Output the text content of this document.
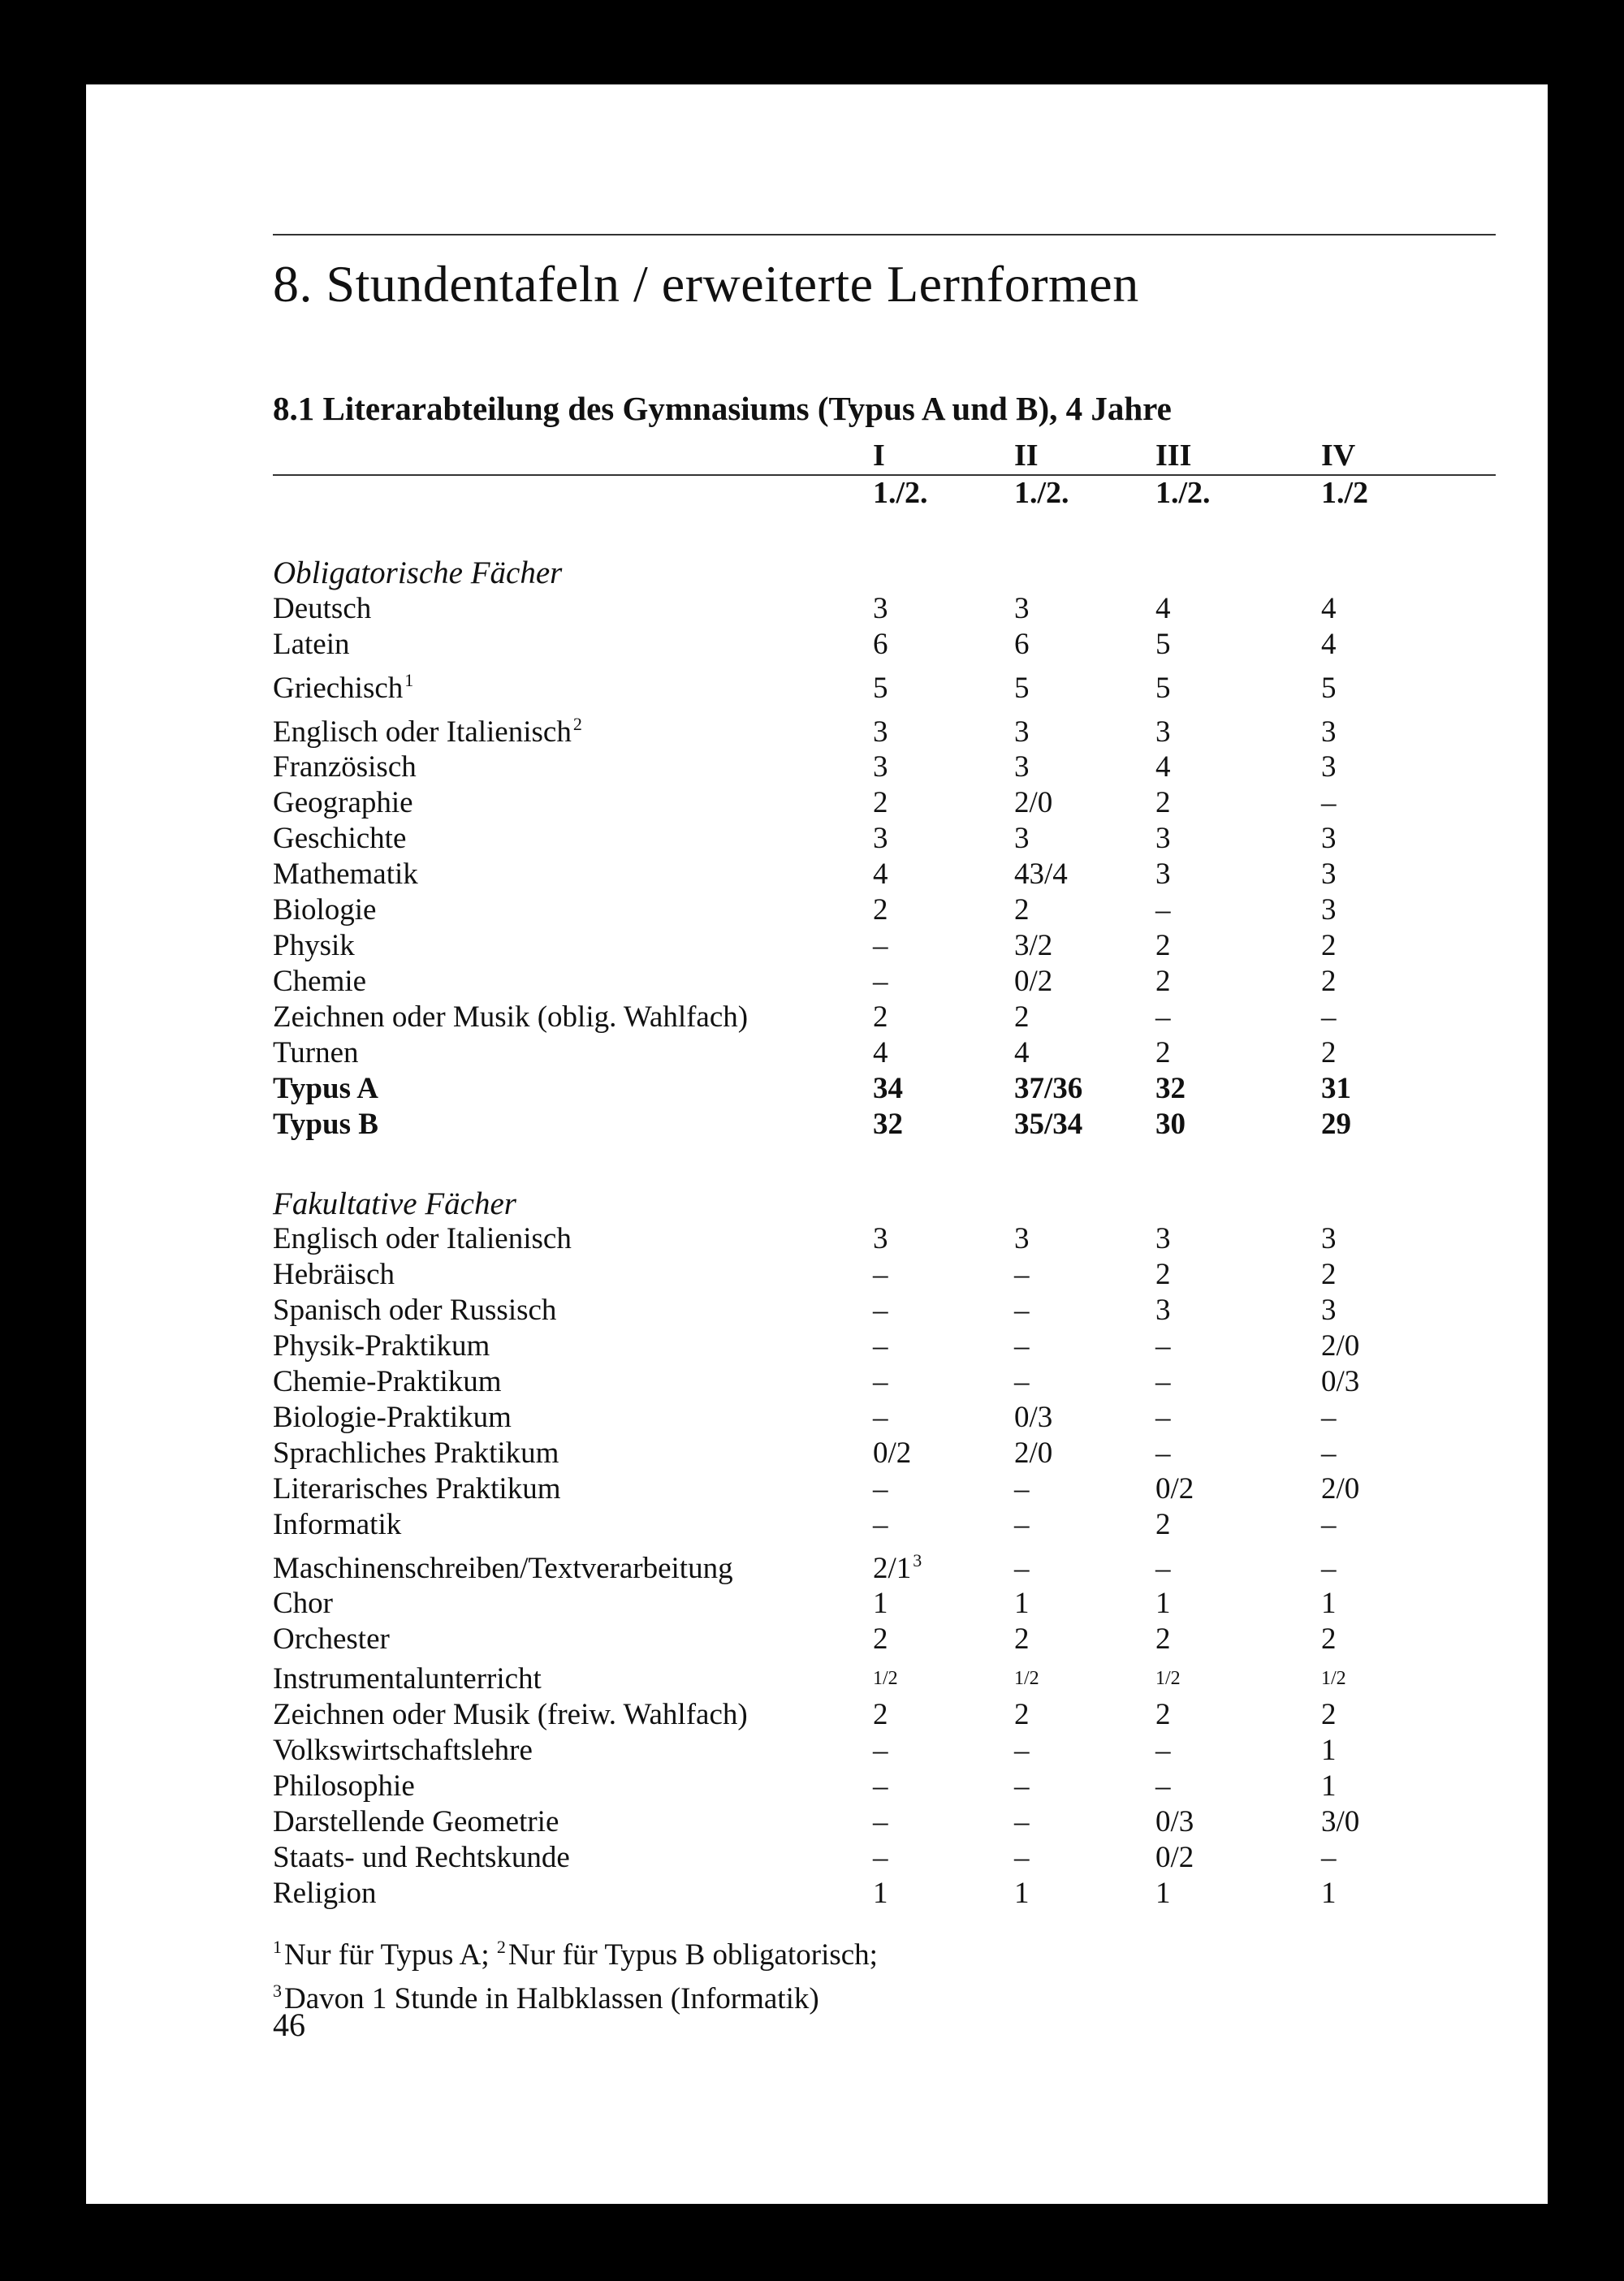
8. Stundentafeln / erweiterte Lernformen
8.1 Literarabteilung des Gymnasiums (Typus A und B), 4 Jahre
	I	II	III	IV
	1./2.	1./2.	1./2.	1./2

Obligatorische Fächer				
Deutsch	3	3	4	4
Latein	6	6	5	4
Griechisch$^1$	5	5	5	5
Englisch oder Italienisch$^2$	3	3	3	3
Französisch	3	3	4	3
Geographie	2	2/0	2	–
Geschichte	3	3	3	3
Mathematik	4	43/4	3	3
Biologie	2	2	–	3
Physik	–	3/2	2	2
Chemie	–	0/2	2	2
Zeichnen oder Musik (oblig. Wahlfach)	2	2	–	–
Turnen	4	4	2	2
Typus A	34	37/36	32	31
Typus B	32	35/34	30	29

Fakultative Fächer				
Englisch oder Italienisch	3	3	3	3
Hebräisch	–	–	2	2
Spanisch oder Russisch	–	–	3	3
Physik-Praktikum	–	–	–	2/0
Chemie-Praktikum	–	–	–	0/3
Biologie-Praktikum	–	0/3	–	–
Sprachliches Praktikum	0/2	2/0	–	–
Literarisches Praktikum	–	–	0/2	2/0
Informatik	–	–	2	–
Maschinenschreiben/Textverarbeitung	$2/1^3$	–	–	–
Chor	1	1	1	1
Orchester	2	2	2	2
Instrumentalunterricht	1/2	1/2	1/2	1/2
Zeichnen oder Musik (freiw. Wahlfach)	2	2	2	2
Volkswirtschaftslehre	–	–	–	1
Philosophie	–	–	–	1
Darstellende Geometrie	–	–	0/3	3/0
Staats- und Rechtskunde	–	–	0/2	–
Religion	1	1	1	1
$^1$Nur für Typus A; $^2$Nur für Typus B obligatorisch;
$^3$Davon 1 Stunde in Halbklassen (Informatik)
46
